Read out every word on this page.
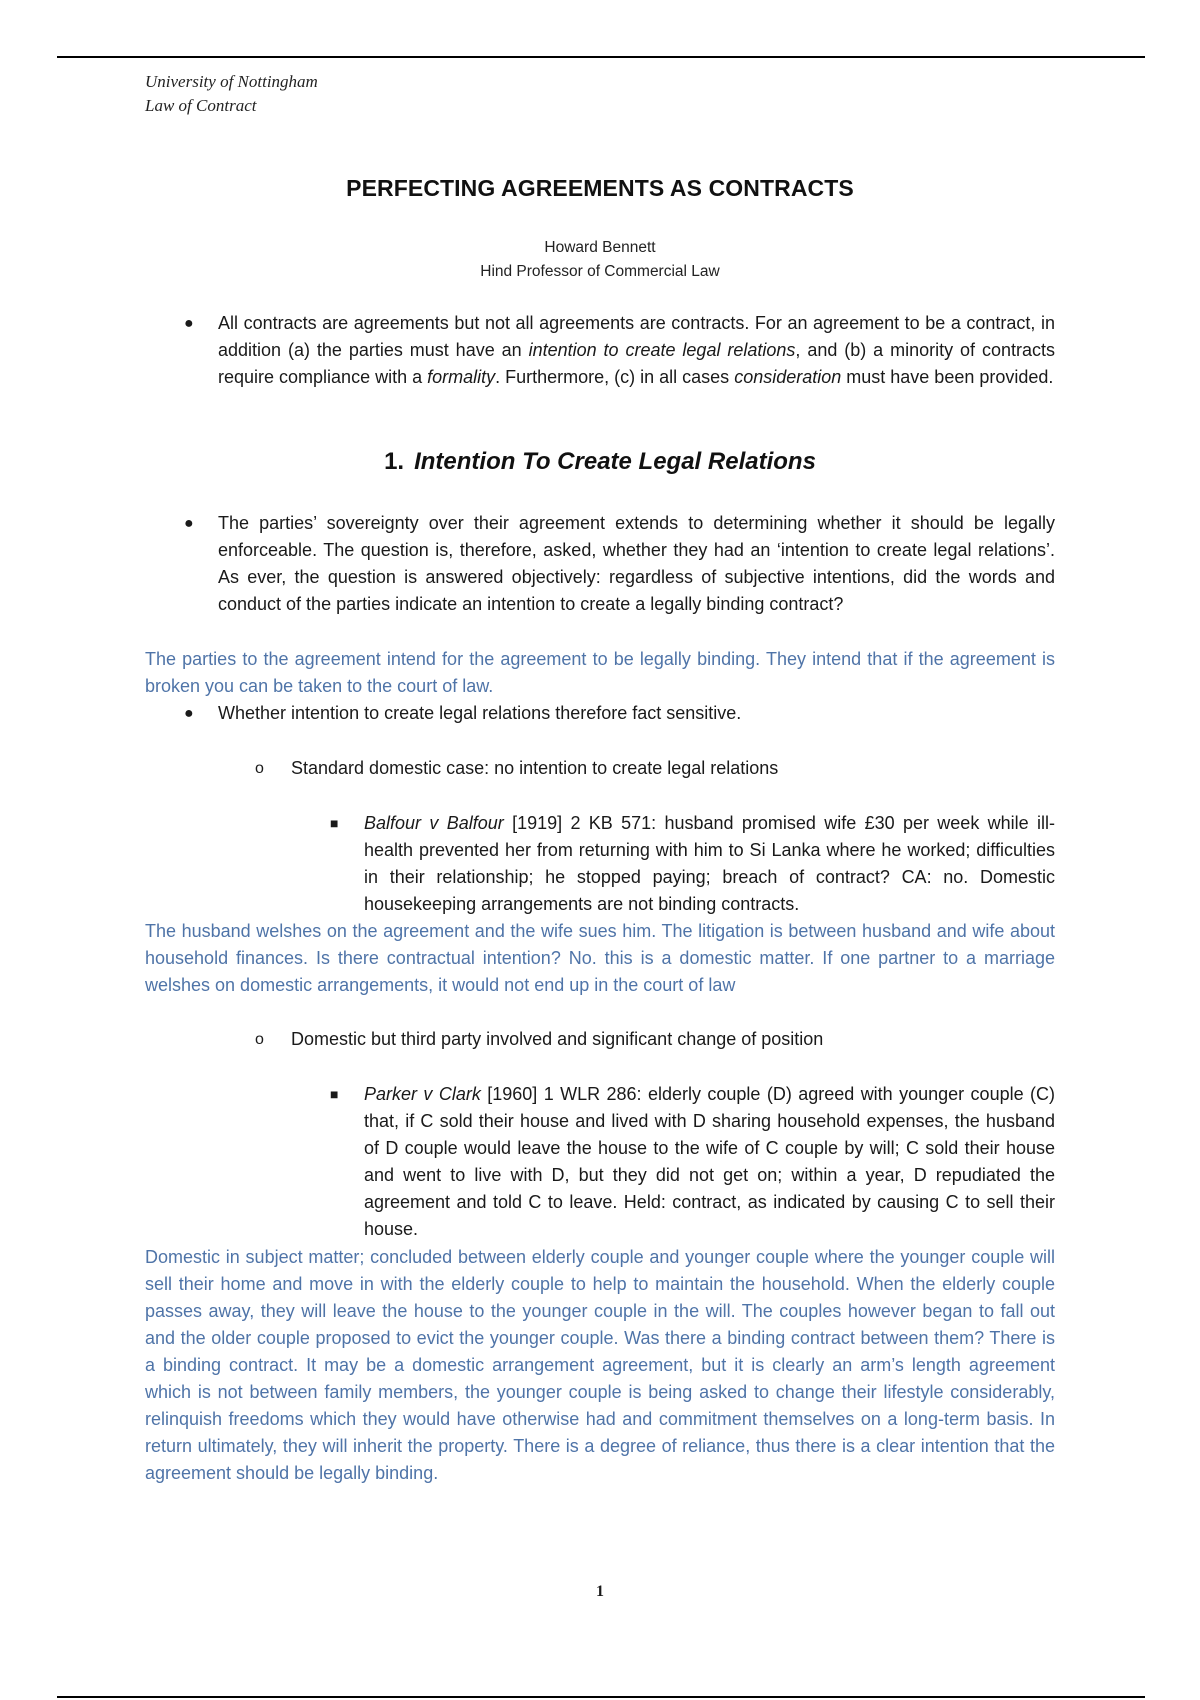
University of Nottingham
Law of Contract
PERFECTING AGREEMENTS AS CONTRACTS
Howard Bennett
Hind Professor of Commercial Law
● All contracts are agreements but not all agreements are contracts. For an agreement to be a contract, in addition (a) the parties must have an intention to create legal relations, and (b) a minority of contracts require compliance with a formality. Furthermore, (c) in all cases consideration must have been provided.
1. Intention To Create Legal Relations
● The parties’ sovereignty over their agreement extends to determining whether it should be legally enforceable. The question is, therefore, asked, whether they had an ‘intention to create legal relations’. As ever, the question is answered objectively: regardless of subjective intentions, did the words and conduct of the parties indicate an intention to create a legally binding contract?
The parties to the agreement intend for the agreement to be legally binding. They intend that if the agreement is broken you can be taken to the court of law.
● Whether intention to create legal relations therefore fact sensitive.
o Standard domestic case: no intention to create legal relations
■ Balfour v Balfour [1919] 2 KB 571: husband promised wife £30 per week while ill-health prevented her from returning with him to Si Lanka where he worked; difficulties in their relationship; he stopped paying; breach of contract? CA: no. Domestic housekeeping arrangements are not binding contracts.
The husband welshes on the agreement and the wife sues him. The litigation is between husband and wife about household finances. Is there contractual intention? No. this is a domestic matter. If one partner to a marriage welshes on domestic arrangements, it would not end up in the court of law
o Domestic but third party involved and significant change of position
■ Parker v Clark [1960] 1 WLR 286: elderly couple (D) agreed with younger couple (C) that, if C sold their house and lived with D sharing household expenses, the husband of D couple would leave the house to the wife of C couple by will; C sold their house and went to live with D, but they did not get on; within a year, D repudiated the agreement and told C to leave. Held: contract, as indicated by causing C to sell their house.
Domestic in subject matter; concluded between elderly couple and younger couple where the younger couple will sell their home and move in with the elderly couple to help to maintain the household. When the elderly couple passes away, they will leave the house to the younger couple in the will. The couples however began to fall out and the older couple proposed to evict the younger couple. Was there a binding contract between them? There is a binding contract. It may be a domestic arrangement agreement, but it is clearly an arm’s length agreement which is not between family members, the younger couple is being asked to change their lifestyle considerably, relinquish freedoms which they would have otherwise had and commitment themselves on a long-term basis. In return ultimately, they will inherit the property. There is a degree of reliance, thus there is a clear intention that the agreement should be legally binding.
1
